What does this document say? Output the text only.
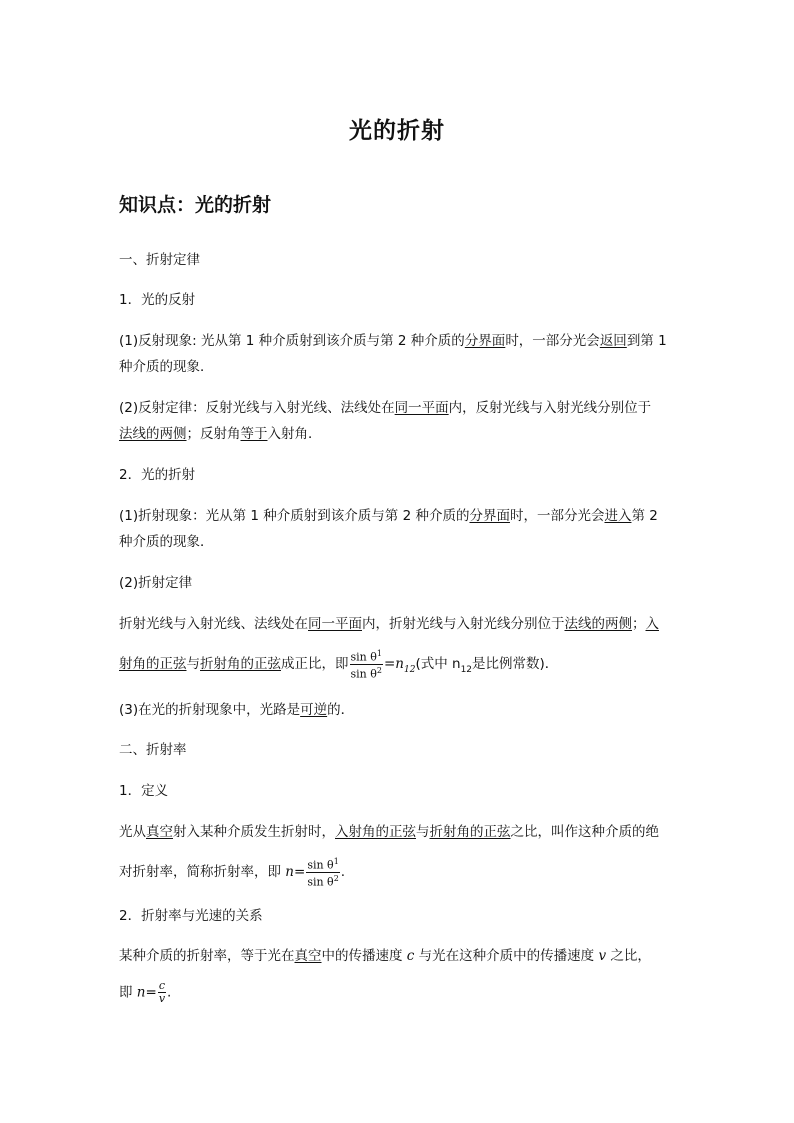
光的折射
知识点：光的折射
一、折射定律
1．光的反射
(1)反射现象: 光从第 1 种介质射到该介质与第 2 种介质的分界面时，一部分光会返回到第 1
种介质的现象．
(2)反射定律：反射光线与入射光线、法线处在同一平面内，反射光线与入射光线分别位于
法线的两侧；反射角等于入射角．
2．光的折射
(1)折射现象：光从第 1 种介质射到该介质与第 2 种介质的分界面时，一部分光会进入第 2
种介质的现象．
(2)折射定律
折射光线与入射光线、法线处在同一平面内，折射光线与入射光线分别位于法线的两侧；入
射角的正弦与折射角的正弦成正比，即 $\frac{\sin \theta^1}{\sin \theta^2} =n_{12}$(式中 $n_{12}$是比例常数)．
(3)在光的折射现象中，光路是可逆的．
二、折射率
1．定义
光从真空射入某种介质发生折射时，入射角的正弦与折射角的正弦之比，叫作这种介质的绝
对折射率，简称折射率，即 $n= \frac{\sin \theta^1}{\sin \theta^2}$ .
2．折射率与光速的关系
某种介质的折射率，等于光在真空中的传播速度 c 与光在这种介质中的传播速度 v 之比，
即 $n= \frac{c}{v}$ .
